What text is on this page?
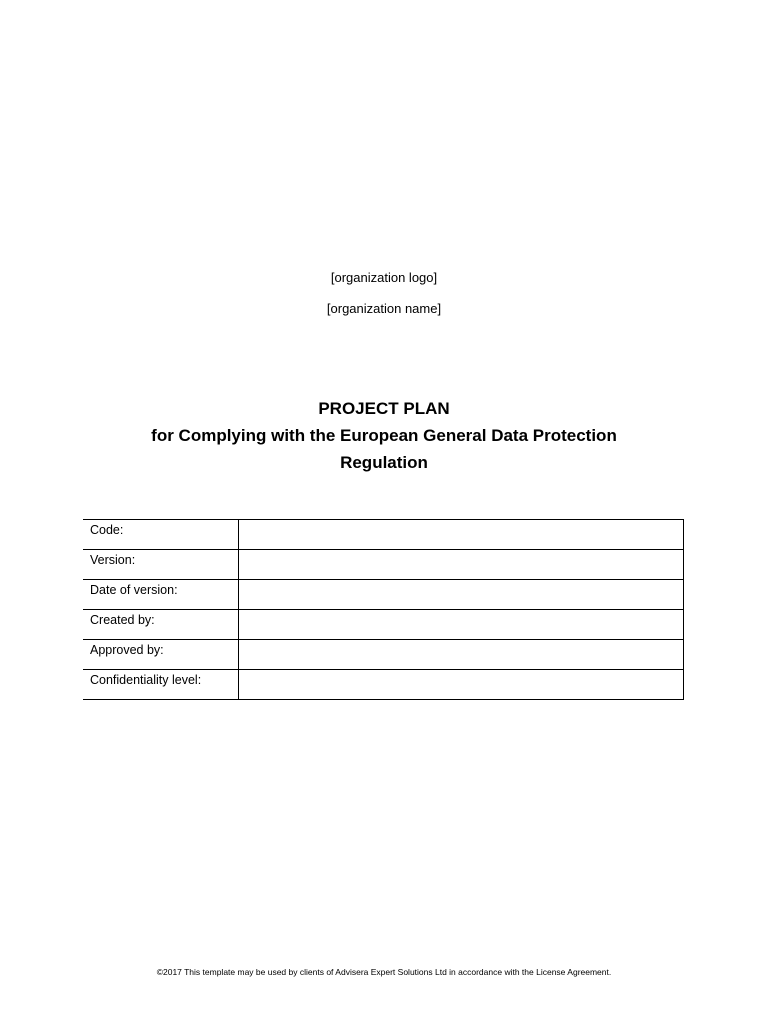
[organization logo]
[organization name]
PROJECT PLAN
for Complying with the European General Data Protection
Regulation
Code:	
Version:	
Date of version:	
Created by:	
Approved by:	
Confidentiality level:	
©2017 This template may be used by clients of Advisera Expert Solutions Ltd in accordance with the License Agreement.
